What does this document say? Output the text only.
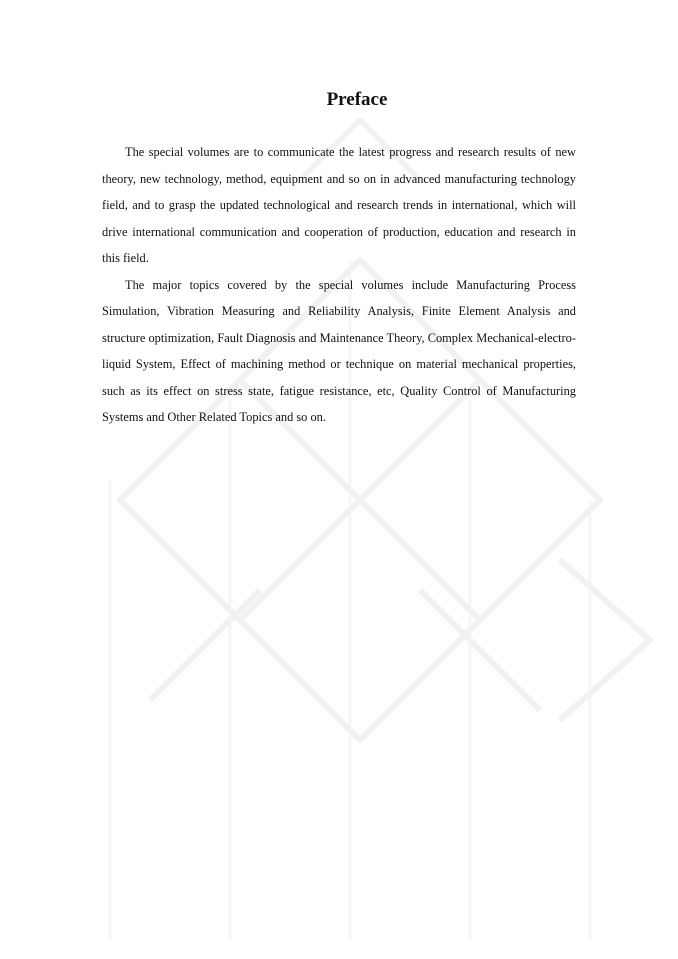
Preface

The special volumes are to communicate the latest progress and research results of new theory, new technology, method, equipment and so on in advanced manufacturing technology field, and to grasp the updated technological and research trends in international, which will drive international communication and cooperation of production, education and research in this field.

The major topics covered by the special volumes include Manufacturing Process Simulation, Vibration Measuring and Reliability Analysis, Finite Element Analysis and structure optimization, Fault Diagnosis and Maintenance Theory, Complex Mechanical-electro-liquid System, Effect of machining method or technique on material mechanical properties, such as its effect on stress state, fatigue resistance, etc, Quality Control of Manufacturing Systems and Other Related Topics and so on.
